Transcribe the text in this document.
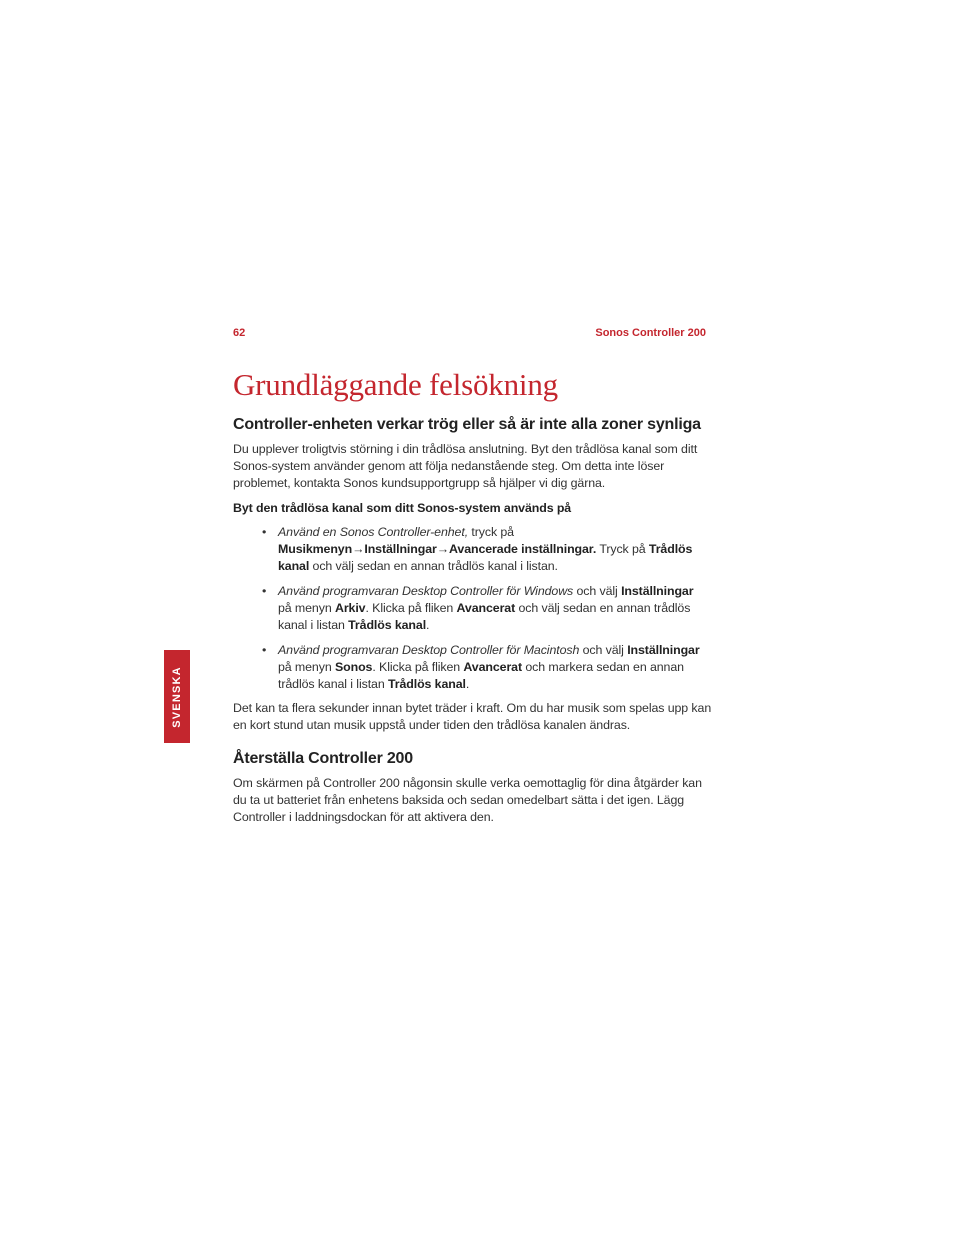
62	Sonos Controller 200
SVENSKA
Grundläggande felsökning
Controller-enheten verkar trög eller så är inte alla zoner synliga

Du upplever troligtvis störning i din trådlösa anslutning. Byt den trådlösa kanal som ditt Sonos-system använder genom att följa nedanstående steg. Om detta inte löser problemet, kontakta Sonos kundsupportgrupp så hjälper vi dig gärna.

Byt den trådlösa kanal som ditt Sonos-system används på
• Använd en Sonos Controller-enhet, tryck på
Musikmenyn→Inställningar→Avancerade inställningar. Tryck på Trådlös kanal och välj sedan en annan trådlös kanal i listan.
• Använd programvaran Desktop Controller för Windows och välj Inställningar
på menyn Arkiv. Klicka på fliken Avancerat och välj sedan en annan trådlös kanal i listan Trådlös kanal.
• Använd programvaran Desktop Controller för Macintosh och välj Inställningar
på menyn Sonos. Klicka på fliken Avancerat och markera sedan en annan trådlös kanal i listan Trådlös kanal.

Det kan ta flera sekunder innan bytet träder i kraft. Om du har musik som spelas upp kan en kort stund utan musik uppstå under tiden den trådlösa kanalen ändras.

Återställa Controller 200

Om skärmen på Controller 200 någonsin skulle verka oemottaglig för dina åtgärder kan du ta ut batteriet från enhetens baksida och sedan omedelbart sätta i det igen. Lägg Controller i laddningsdockan för att aktivera den.
